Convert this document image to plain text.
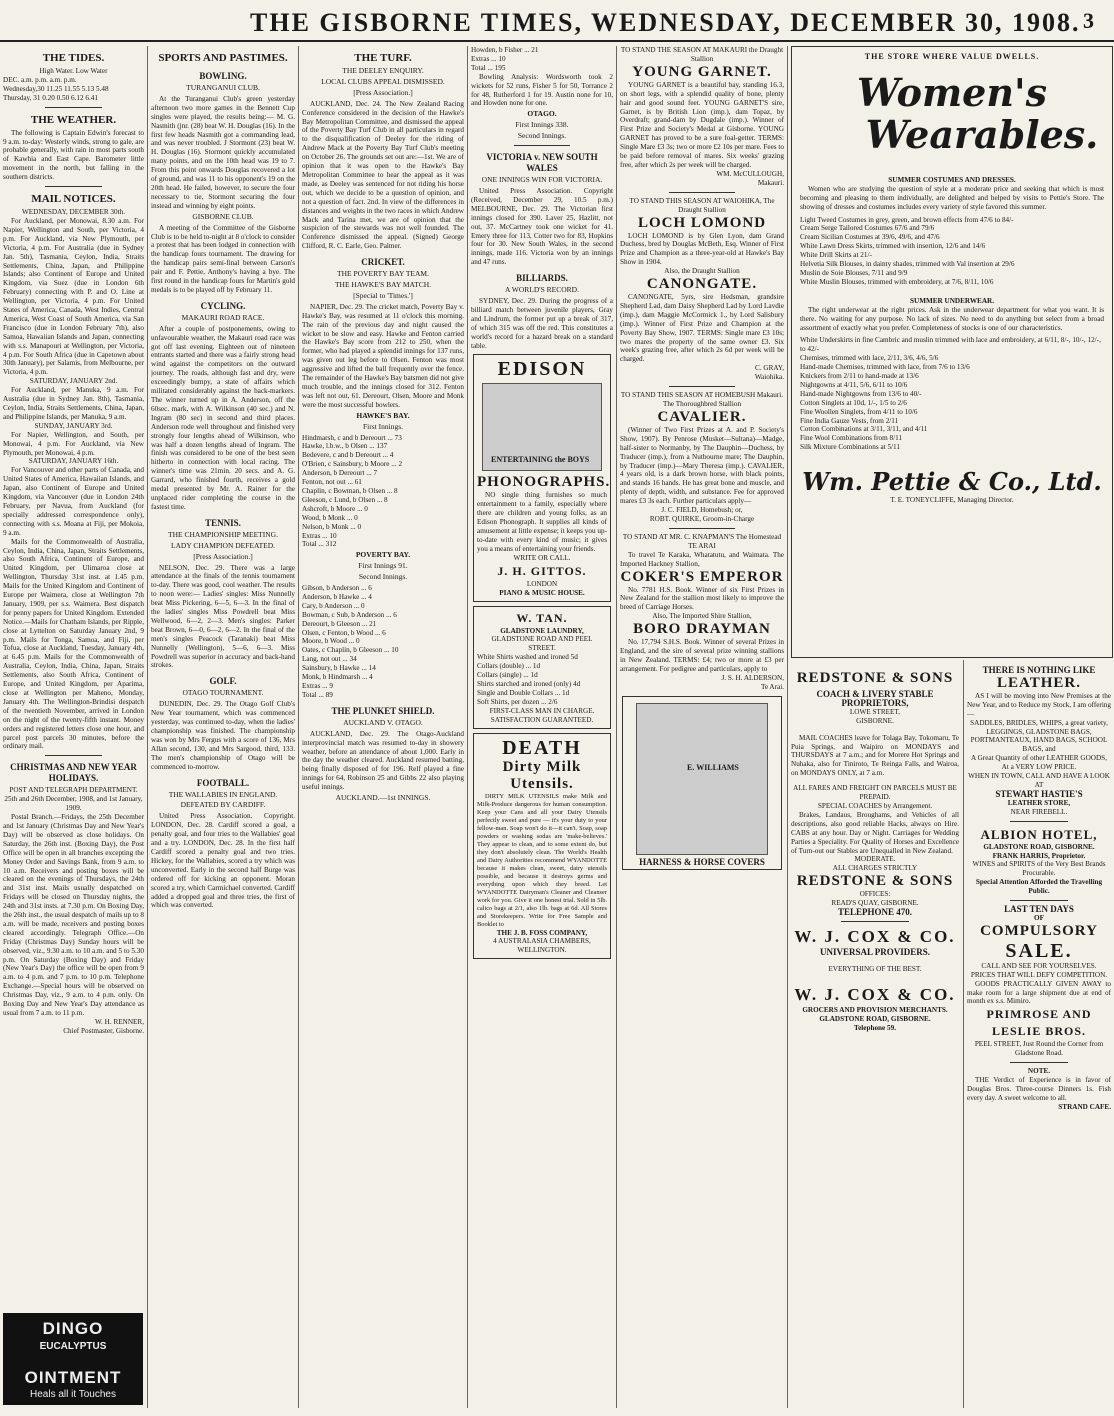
THE GISBORNE TIMES, WEDNESDAY, DECEMBER 30, 1908. 3
THE TIDES.
High Water. Low Water
DEC. a.m. p.m. a.m. p.m.
Wednesday,30 11.25 11.55 5.13 5.48
Thursday, 31 0.20 0.50 6.12 6.41
THE WEATHER.

The following is Captain Edwin's forecast to 9 a.m. to-day: Westerly winds, strong to gale, are probable generally, with rain in most parts south of Kawhia and East Cape. Barometer little movement in the north, but falling in the southern districts.

MAIL NOTICES.
WEDNESDAY, DECEMBER 30th.

For Auckland, per Monowai, 8.30 a.m. For Napier, Wellington and South, per Victoria, 4 p.m. For Auckland, via New Plymouth, per Victoria, 4 p.m. For Australia (due in Sydney Jan. 5th), Tasmania, Ceylon, India, Straits Settlements, China, Japan, and Philippine Islands; also Continent of Europe and United Kingdom, via Suez (due in London 6th February) connecting with P. and O. Line at Wellington, per Victoria, 4 p.m. For United States of America, Canada, West Indies, Central America, West Coast of South America, via San Francisco (due in London February 7th), also Samoa, Hawaiian Islands and Japan, connecting with s.s. Manapouri at Wellington, per Victoria, 4 p.m. For South Africa (due in Capetown about 30th January), per Salamis, from Melbourne, per Victoria, 4 p.m.

SATURDAY, JANUARY 2nd.

For Auckland, per Manuka, 9 a.m. For Australia (due in Sydney Jan. 8th), Tasmania, Ceylon, India, Straits Settlements, China, Japan, and Philippine Islands, per Manuka, 9 a.m.

SUNDAY, JANUARY 3rd.

For Napier, Wellington, and South, per Monowai, 4 p.m. For Auckland, via New Plymouth, per Monowai, 4 p.m.

SATURDAY, JANUARY 16th.

For Vancouver and other parts of Canada, and United States of America, Hawaiian Islands, and Japan, also Continent of Europe and United Kingdom, via Vancouver (due in London 24th February, per Navua, from Auckland (for specially addressed correspondence only), connecting with s.s. Moana at Fiji, per Mokoia, 9 a.m.

Mails for the Commonwealth of Australia, Ceylon, India, China, Japan, Straits Settlements, also South Africa, Continent of Europe, and United Kingdom, per Ulimaroa close at Wellington, Thursday 31st inst. at 1.45 p.m. Mails for the United Kingdom and Continent of Europe per Waimera, close at Wellington 7th January, 1909, per s.s. Waimera. Best dispatch for penny papers for United Kingdom. Extended Notice.—Mails for Chatham Islands, per Ripple, close at Lyttelton on Saturday January 2nd, 9 p.m. Mails for Tonga, Samoa, and Fiji, per Tofua, close at Auckland, Tuesday, January 4th, at 6.45 p.m. Mails for the Commonwealth of Australia, Ceylon, India, China, Japan, Straits Settlements, also South Africa, Continent of Europe, and United Kingdom, per Aparima, close at Wellington per Maheno, Monday, January 4th. The Wellington-Brindisi despatch of the twentieth November, arrived in London on the night of the twenty-fifth instant. Money orders and registered letters close one hour, and parcel post parcels 30 minutes, before the ordinary mail.

CHRISTMAS AND NEW YEAR HOLIDAYS.
POST AND TELEGRAPH DEPARTMENT.
25th and 26th December, 1908, and 1st January, 1909.

Postal Branch.—Fridays, the 25th December and 1st January (Christmas Day and New Year's Day) will be observed as close holidays. On Saturday, the 26th inst. (Boxing Day), the Post Office will be open in all branches excepting the Money Order and Savings Bank, from 9 a.m. to 10 a.m. Receivers and posting boxes will be cleared on the evenings of Thursdays, the 24th and 31st inst. Mails usually despatched on Fridays will be closed on Thursday nights, the 24th and 31st insts. at 7.30 p.m. On Boxing Day, the 26th inst., the usual despatch of mails up to 8 a.m. will be made, receivers and posting boxes cleared accordingly. Telegraph Office.—On Friday (Christmas Day) Sunday hours will be observed, viz., 9.30 a.m. to 10 a.m. and 5 to 5.30 p.m. On Saturday (Boxing Day) and Friday (New Year's Day) the office will be open from 9 a.m. to 4 p.m. and 7 p.m. to 10 p.m. Telephone Exchange.—Special hours will be observed on Christmas Day, viz., 9 a.m. to 4 p.m. only. On Boxing Day and New Year's Day attendance as usual from 7 a.m. to 11 p.m.

W. H. RENNER,
Chief Postmaster, Gisborne.
DINGO
EUCALYPTUS
OINTMENT
Heals all it Touches
SPORTS AND PASTIMES.
BOWLING.
TURANGANUI CLUB.

At the Turanganui Club's green yesterday afternoon two more games in the Bennett Cup singles were played, the results being:— M. G. Nasmith (jnr. (28) beat W. H. Douglas (16). In the first few heads Nasmith got a commanding lead, and was never troubled. J Stormont (23) beat W. H. Douglas (16). Stormont quickly accumulated many points, and on the 10th head was 19 to 7. From this point onwards Douglas recovered a lot of ground, and was 11 to his opponent's 19 on the 20th head. He failed, however, to secure the four necessary to tie, Stormont securing the four instead and winning by eight points.

GISBORNE CLUB.

A meeting of the Committee of the Gisborne Club is to be held to-night at 8 o'clock to consider a protest that has been lodged in connection with the handicap fours tournament. The drawing for the handicap pairs semi-final between Carson's pair and F. Pettie, Anthony's having a bye. The first round in the handicap fours for Martin's gold medals is to be played off by February 11.

CYCLING.
MAKAURI ROAD RACE.

After a couple of postponements, owing to unfavourable weather, the Makauri road race was got off last evening. Eighteen out of nineteen entrants started and there was a fairly strong head wind against the competitors on the outward journey. The roads, although fast and dry, were exceedingly bumpy, a state of affairs which militated considerably against the back-markers. The winner turned up in A. Anderson, off the 60sec. mark, with A. Wilkinson (40 sec.) and N. Ingram (80 sec) in second and third places. Anderson rode well throughout and finished very strongly four lengths ahead of Wilkinson, who was half a dozen lengths ahead of Ingram. The finish was considered to be one of the best seen hitherto in connection with local racing. The winner's time was 21min. 20 secs. and A. G. Garrard, who finished fourth, receives a gold medal presented by Mr. A. Rainer for the unplaced rider completing the course in the fastest time.

TENNIS.
THE CHAMPIONSHIP MEETING.
LADY CHAMPION DEFEATED.
[Press Association.]

NELSON, Dec. 29. There was a large attendance at the finals of the tennis tournament to-day. There was good, cool weather. The results to noon were:— Ladies' singles: Miss Nunnelly beat Miss Pickering, 6—5, 6—3. In the final of the ladies' singles Miss Powdrell beat Miss Wellwood, 6—2, 2—3. Men's singles: Parker beat Brown, 6—0, 6—2, 6—2. In the final of the men's singles Peacock (Taranaki) beat Miss Nunnelly (Wellington), 5—6, 6—3. Miss Powdrell was superior in accuracy and back-hand strokes.

GOLF.
OTAGO TOURNAMENT.

DUNEDIN, Dec. 29. The Otago Golf Club's New Year tournament, which was commenced yesterday, was continued to-day, when the ladies' championship was finished. The championship was won by Mrs Fergus with a score of 136, Mrs Allan second, 130, and Mrs Sargood, third, 133. The men's championship of Otago will be commenced to-morrow.

FOOTBALL.
THE WALLABIES IN ENGLAND.
DEFEATED BY CARDIFF.

United Press Association. Copyright. LONDON, Dec. 28. Cardiff scored a goal, a penalty goal, and four tries to the Wallabies' goal and a try. LONDON, Dec. 28. In the first half Cardiff scored a penalty goal and two tries. Hickey, for the Wallabies, scored a try which was unconverted. Early in the second half Burge was ordered off for kicking an opponent. Moran scored a try, which Carmichael converted. Cardiff added a dropped goal and three tries, the first of which was converted.

THE TURF.
THE DEELEY ENQUIRY.
LOCAL CLUBS APPEAL DISMISSED.
[Press Association.]

AUCKLAND, Dec. 24. The New Zealand Racing Conference considered in the decision of the Hawke's Bay Metropolitan Committee, and dismissed the appeal of the Poverty Bay Turf Club in all particulars in regard to the disqualification of Deeley for the riding of Andrew Mack at the Poverty Bay Turf Club's meeting on October 26. The grounds set out are:—1st. We are of opinion that it was open to the Hawke's Bay Metropolitan Committee to hear the appeal as it was made, as Deeley was sentenced for not riding his horse out, which we decide to be a question of opinion, and not a question of fact. 2nd. In view of the differences in distances and weights in the two races in which Andrew Mack and Tarina met, we are of opinion that the suspicion of the stewards was not well founded. The Conference dismissed the appeal. (Signed) George Clifford, R. C. Earle, Geo. Palmer.

CRICKET.
THE POVERTY BAY TEAM.
THE HAWKE'S BAY MATCH.
[Special to 'Times.']

NAPIER, Dec. 29. The cricket match, Poverty Bay v. Hawke's Bay, was resumed at 11 o'clock this morning. The rain of the previous day and night caused the wicket to be slow and easy. Hawke and Fenton carried the Hawke's Bay score from 212 to 250, when the former, who had played a splendid innings for 137 runs, was given out leg before to Olsen. Fenton was most aggressive and lifted the ball frequently over the fence. The remainder of the Hawke's Bay batsmen did not give much trouble, and the innings closed for 312. Fenton was left not out, 61. Dereourt, Olsen, Moore and Monk were the most successful bowlers.

HAWKE'S BAY.
First Innings.
Hindmarsh, c and b Dereourt ... 73
Hawke, l.b.w., b Olsen ... 137
Bedevere, c and b Dereourt ... 4
O'Brien, c Sainsbury, b Moore ... 2
Anderson, b Dereourt ... 7
Fenton, not out ... 61
Chaplin, c Bowman, b Olsen ... 8
Gleeson, c Lund, b Olsen ... 8
Ashcroft, b Moore ... 0
Wood, b Monk ... 0
Nelson, b Monk ... 0
Extras ... 10
Total ... 312
POVERTY BAY.
First Innings 91.
Second Innings.
Gibson, b Anderson ... 6
Anderson, b Hawke ... 4
Cary, b Anderson ... 0
Bowman, c Sub, b Anderson ... 6
Dereourt, b Gleeson ... 21
Olsen, c Fenton, b Wood ... 6
Moore, b Wood ... 0
Oates, c Chaplin, b Gleeson ... 10
Lang, not out ... 34
Sainsbury, b Hawke ... 14
Monk, b Hindmarsh ... 4
Extras ... 9
Total ... 89
THE PLUNKET SHIELD.
AUCKLAND V. OTAGO.

AUCKLAND, Dec. 29. The Otago-Auckland interprovincial match was resumed to-day in showery weather, before an attendance of about 1,000. Early in the day the weather cleared. Auckland resumed batting, being finally disposed of for 196. Relf played a fine innings for 64, Robinson 25 and Gibbs 22 also playing useful innings.

AUCKLAND.—1st INNINGS.
Howden, b Fisher ... 21
Extras ... 10
Total ... 195

Bowling Analysis: Wordsworth took 2 wickets for 52 runs, Fisher 5 for 50, Torrance 2 for 48, Rutherford 1 for 19. Austin none for 10, and Howden none for one.

OTAGO.
First Innings 338.
Second Innings.
VICTORIA v. NEW SOUTH WALES
ONE INNINGS WIN FOR VICTORIA.

United Press Association. Copyright (Received, December 29, 10.5 p.m.) MELBOURNE, Dec. 29. The Victorian first innings closed for 390. Laver 25, Hazlitt, not out, 37. McCartney took one wicket for 41. Emery three for 113, Cotter two for 83, Hopkins four for 30. New South Wales, in the second innings, made 116. Victoria won by an innings and 47 runs.

BILLIARDS.
A WORLD'S RECORD.

SYDNEY, Dec. 29. During the progress of a billiard match between juvenile players, Gray and Lindrum, the former put up a break of 317, of which 315 was off the red. This constitutes a world's record for a hazard break on a standard table.

EDISON
ENTERTAINING the BOYS
PHONOGRAPHS.

NO single thing furnishes so much entertainment to a family, especially where there are children and young folks, as an Edison Phonograph. It supplies all kinds of amusement at little expense; it keeps you up-to-date with every kind of music; it gives you a means of entertaining your friends.

WRITE OR CALL.
J. H. GITTOS.
LONDON
PIANO & MUSIC HOUSE.
W. TAN.
GLADSTONE LAUNDRY,
GLADSTONE ROAD AND PEEL STREET.
White Shirts washed and ironed 5d
Collars (double) ... 1d
Collars (single) ... 1d
Shirts starched and ironed (only) 4d
Single and Double Collars ... 1d
Soft Shirts, per dozen ... 2/6
FIRST-CLASS MAN IN CHARGE.
SATISFACTION GUARANTEED.
DEATH
Dirty Milk Utensils.

DIRTY MILK UTENSILS make Milk and Milk-Produce dangerous for human consumption. Keep your Cans and all your Dairy Utensils perfectly sweet and pure — it's your duty to your fellow-man. Soap won't do it—it can't. Soap, soap powders or washing sodas are 'make-believes.' They appear to clean, and to some extent do, but they don't absolutely clean. The World's Health and Dairy Authorities recommend WYANDOTTE because it makes clean, sweet, dairy utensils possible, and because it destroys germs and everything upon which they breed. Let WYANDOTTE Dairyman's Cleaner and Cleanser work for you. Give it one honest trial. Sold in 5lb. calico bags at 2/1, also 1lb. bags at 6d. All Stores and Storekeepers. Write for Free Sample and Booklet to

THE J. B. FOSS COMPANY,
4 AUSTRALASIA CHAMBERS, WELLINGTON.
TO STAND THE SEASON AT MAKAURI the Draught Stallion
YOUNG GARNET.

YOUNG GARNET is a beautiful bay, standing 16.3, on short legs, with a splendid quality of bone, plenty hair and good sound feet. YOUNG GARNET'S sire, Garnet, is by British Lion (imp.), dam Topaz, by Overdraft; grand-dam by Dugdale (imp.). Winner of First Prize and Society's Medal at Gisborne. YOUNG GARNET has proved to be a sure foal-getter. TERMS: Single Mare £3 3s; two or more £2 10s per mare. Fees to be paid before removal of mares. Six weeks' grazing free, after which 2s per week will be charged.

WM. McCULLOUGH,
Makauri.
TO STAND THIS SEASON AT WAIOHIKA, The Draught Stallion
LOCH LOMOND

LOCH LOMOND is by Glen Lyon, dam Grand Duchess, bred by Douglas McBeth, Esq. Winner of First Prize and Champion as a three-year-old at Hawke's Bay Show in 1904.

Also, the Draught Stallion
CANONGATE.

CANONGATE, 5yrs, sire Hedsman, grandsire Shepherd Lad, dam Daisy Shepherd Lad by Lord Lavdie (imp.), dam Maggie McCormick 1., by Lord Salisbury (imp.). Winner of First Prize and Champion at the Poverty Bay Show, 1907. TERMS: Single mare £3 10s; two mares the property of the same owner £3. Six week's grazing free, after which 2s 6d per week will be charged.

C. GRAY,
Waiohika.
TO STAND THIS SEASON AT HOMEBUSH Makauri. The Thoroughbred Stallion
CAVALIER.

(Winner of Two First Prizes at A. and P. Society's Show, 1907). By Penrose (Musket—Sultana)—Madge, half-sister to Normanby, by The Dauphin—Duchess, by Traducer (imp.), from a Nutbourne mare; The Dauphin, by Traducer (imp.)—Mary Theresa (imp.). CAVALIER, 4 years old, is a dark brown horse, with black points, and stands 16 hands. He has great bone and muscle, and plenty of depth, width, and substance. Fee for approved mares £3 3s each. Further particulars apply—

J. C. FIELD, Homebush; or,
ROBT. QUIRKE, Groom-in-Charge
TO STAND AT MR. C. KNAPMAN'S The Homestead TE ARAI

To travel Te Karaka, Whatatutu, and Waimata. The Imported Hackney Stallion,

COKER'S EMPEROR

No. 7781 H.S. Book. Winner of six First Prizes in New Zealand for the stallion most likely to improve the breed of Carriage Horses.

Also, The Imported Shire Stallion,
BORO DRAYMAN

No. 17,794 S.H.S. Book. Winner of several Prizes in England, and the sire of several prize winning stallions in New Zealand. TERMS: £4; two or more at £3 per arrangement. For pedigree and particulars, apply to

J. S. H. ALDERSON,
Te Arai.
E. WILLIAMS
HARNESS & HORSE COVERS
THE STORE WHERE VALUE DWELLS.
Women's
Wearables.
SUMMER COSTUMES AND DRESSES.

Women who are studying the question of style at a moderate price and seeking that which is most becoming and pleasing to them individually, are delighted and helped by visits to Pettie's Store. The showing of dresses and costumes includes every variety of style favored this summer.

Light Tweed Costumes in grey, green, and brown effects from 47/6 to 84/-
Cream Serge Tailored Costumes 67/6 and 79/6
Cream Sicilian Costumes at 39/6, 49/6, and 47/6
White Lawn Dress Skirts, trimmed with insertion, 12/6 and 14/6
White Drill Skirts at 21/-
Helvetia Silk Blouses, in dainty shades, trimmed with Val insertion at 29/6
Muslin de Soie Blouses, 7/11 and 9/9
White Muslin Blouses, trimmed with embroidery, at 7/6, 8/11, 10/6
SUMMER UNDERWEAR.

The right underwear at the right prices. Ask in the underwear department for what you want. It is there. No waiting for any purpose. No lack of sizes. No need to do anything but select from a broad assortment of exactly what you prefer. Completeness of stocks is one of our characteristics.

White Underskirts in fine Cambric and muslin trimmed with lace and embroidery, at 6/11, 8/-, 10/-, 12/-, to 42/-
Chemises, trimmed with lace, 2/11, 3/6, 4/6, 5/6
Hand-made Chemises, trimmed with lace, from 7/6 to 13/6
Knickers from 2/11 to hand-made at 13/6
Nightgowns at 4/11, 5/6, 6/11 to 10/6
Hand-made Nightgowns from 13/6 to 40/-
Cotton Singlets at 10d, 1/-, 1/5 to 2/6
Fine Woollen Singlets, from 4/11 to 10/6
Fine India Gauze Vests, from 2/11
Cotton Combinations at 3/11, 3/11, and 4/11
Fine Wool Combinations from 8/11
Silk Mixture Combinations at 5/11
Wm. Pettie & Co., Ltd.
T. E. TONEYCLIFFE, Managing Director.
REDSTONE & SONS
COACH & LIVERY STABLE
PROPRIETORS,
LOWE STREET,
GISBORNE.

MAIL COACHES leave for Tolaga Bay, Tokomaru, Te Puia Springs, and Waipiro on MONDAYS and THURSDAYS at 7 a.m.; and for Morere Hot Springs and Nuhaka, also for Tiniroto, Te Reinga Falls, and Wairoa, on MONDAYS ONLY, at 7 a.m.

ALL FARES AND FREIGHT ON PARCELS MUST BE PREPAID.
SPECIAL COACHES by Arrangement.

Brakes, Landaus, Broughams, and Vehicles of all descriptions, also good reliable Hacks, always on Hire. CABS at any hour. Day or Night. Carriages for Wedding Parties a Speciality. For Quality of Horses and Excellence of Turn-out our Stables are Unequalled in New Zealand.

MODERATE.
ALL CHARGES STRICTLY
REDSTONE & SONS
OFFICES:
READ'S QUAY, GISBORNE.
TELEPHONE 470.
W. J. COX & CO.
UNIVERSAL PROVIDERS.
EVERYTHING OF THE BEST.
W. J. COX & CO.
GROCERS AND PROVISION MERCHANTS.
GLADSTONE ROAD, GISBORNE.
Telephone 59.
THERE IS NOTHING LIKE
LEATHER.

AS I will be moving into New Premises at the New Year, and to Reduce my Stock, I am offering—

SADDLES, BRIDLES, WHIPS, a great variety, LEGGINGS, GLADSTONE BAGS, PORTMANTEAUX, HAND BAGS, SCHOOL BAGS, and
A Great Quantity of other LEATHER GOODS, At a VERY LOW PRICE.
WHEN IN TOWN, CALL AND HAVE A LOOK AT
STEWART HASTIE'S
LEATHER STORE,
NEAR FIREBELL.
ALBION HOTEL,
GLADSTONE ROAD, GISBORNE.
FRANK HARRIS, Proprietor.
WINES and SPIRITS of the Very Best Brands Procurable.
Special Attention Afforded the Travelling Public.
LAST TEN DAYS
OF
COMPULSORY
SALE.
CALL AND SEE FOR YOURSELVES.
PRICES THAT WILL DEFY COMPETITION.

GOODS PRACTICALLY GIVEN AWAY to make room for a large shipment due at end of month ex s.s. Mimiro.

PRIMROSE AND
LESLIE BROS.
PEEL STREET, Just Round the Corner from Gladstone Road.
NOTE.

THE Verdict of Experience is in favor of Douglas Bros. Three-course Dinners 1s. Fish every day. A sweet welcome to all.

STRAND CAFE.
